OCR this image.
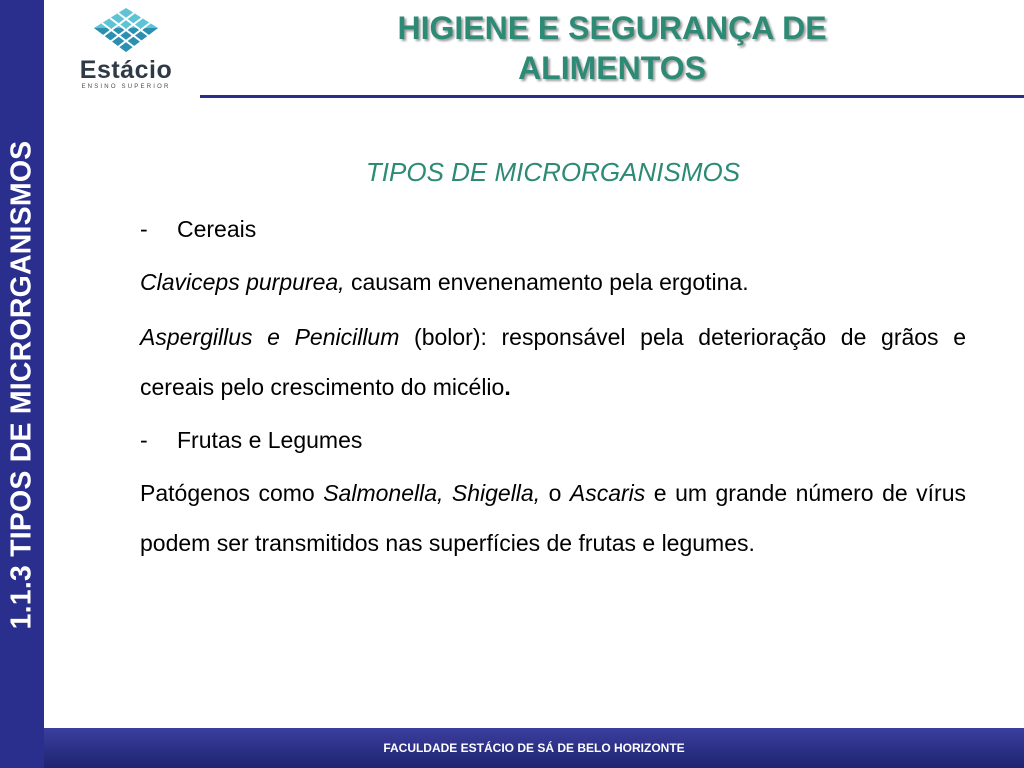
1.1.3 TIPOS DE MICRORGANISMOS
Estácio
ENSINO SUPERIOR
HIGIENE E SEGURANÇA DE
ALIMENTOS
TIPOS DE MICRORGANISMOS
-	Cereais

Claviceps purpurea, causam envenenamento pela ergotina.

Aspergillus e Penicillum (bolor): responsável pela deterioração de grãos e cereais pelo crescimento do micélio.

-	Frutas e Legumes

Patógenos como Salmonella, Shigella, o Ascaris e um grande número de vírus podem ser transmitidos nas superfícies de frutas e legumes.

FACULDADE ESTÁCIO DE SÁ DE BELO HORIZONTE
